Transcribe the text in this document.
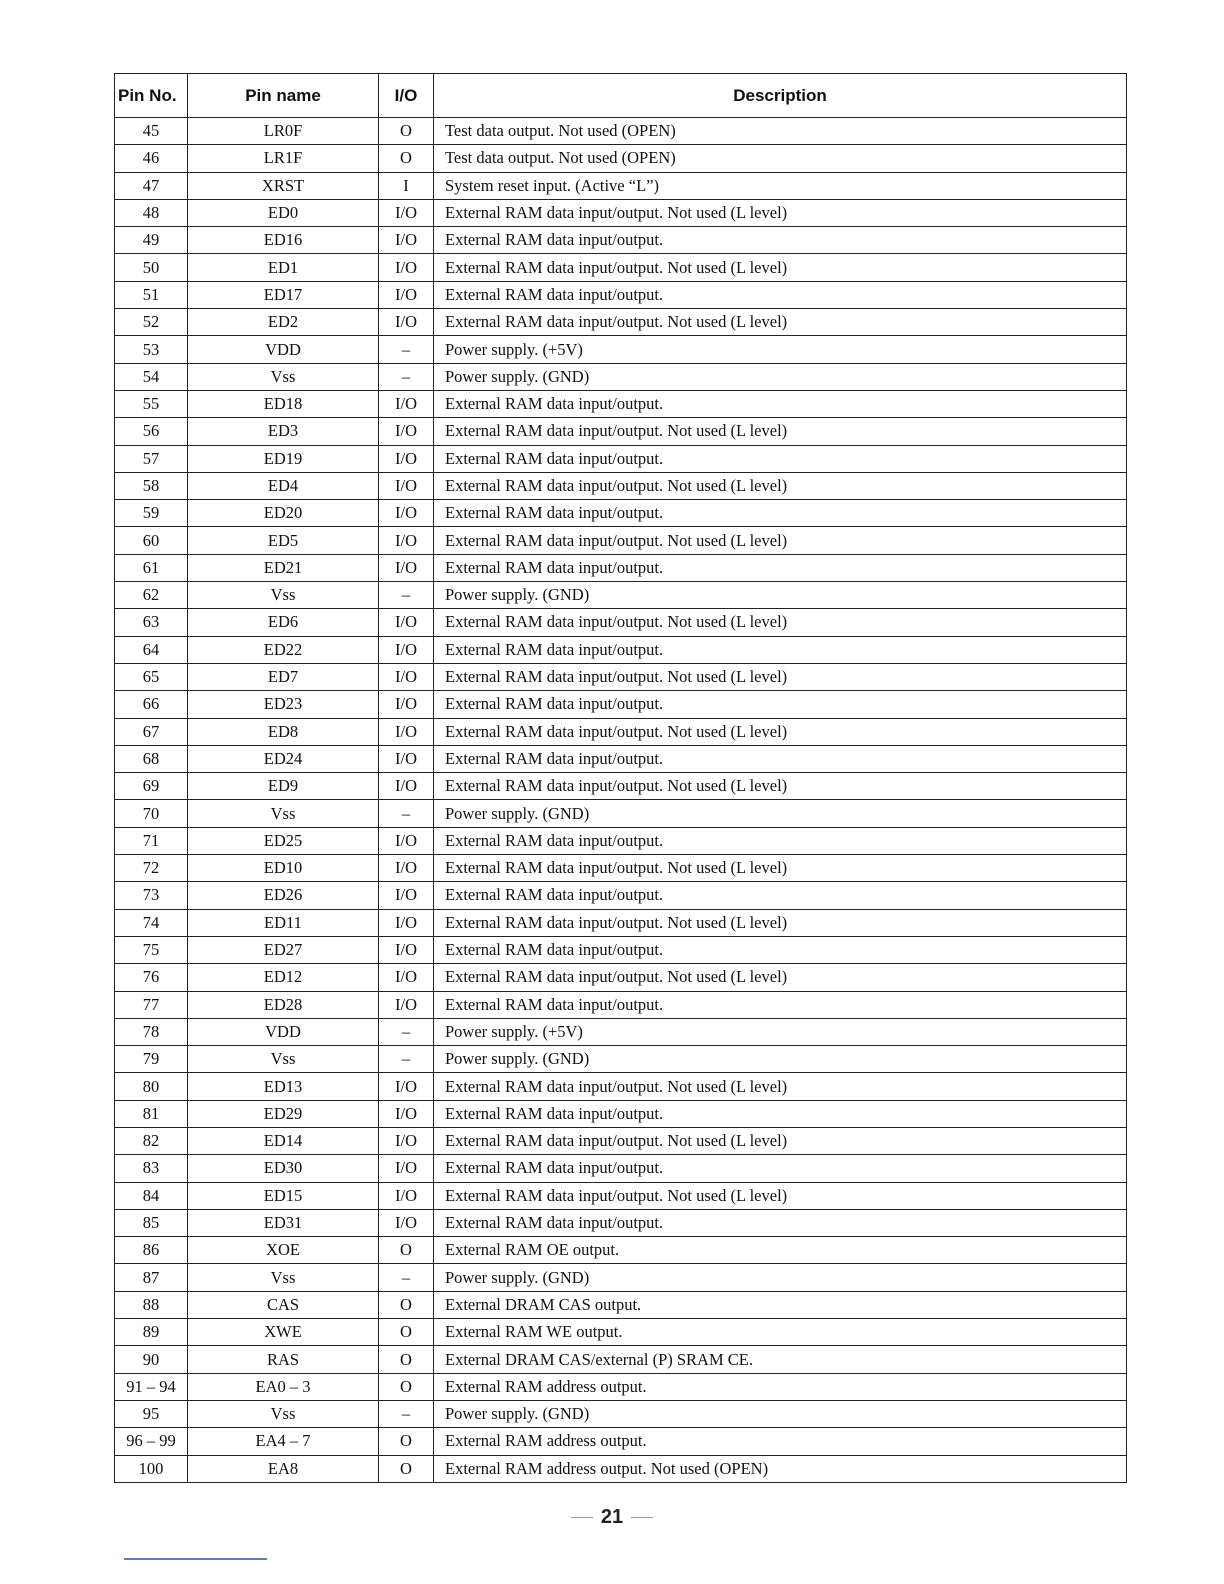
Pin No.	Pin name	I/O	Description
45	LR0F	O	Test data output. Not used (OPEN)
46	LR1F	O	Test data output. Not used (OPEN)
47	XRST	I	System reset input. (Active “L”)
48	ED0	I/O	External RAM data input/output. Not used (L level)
49	ED16	I/O	External RAM data input/output.
50	ED1	I/O	External RAM data input/output. Not used (L level)
51	ED17	I/O	External RAM data input/output.
52	ED2	I/O	External RAM data input/output. Not used (L level)
53	VDD	–	Power supply. (+5V)
54	Vss	–	Power supply. (GND)
55	ED18	I/O	External RAM data input/output.
56	ED3	I/O	External RAM data input/output. Not used (L level)
57	ED19	I/O	External RAM data input/output.
58	ED4	I/O	External RAM data input/output. Not used (L level)
59	ED20	I/O	External RAM data input/output.
60	ED5	I/O	External RAM data input/output. Not used (L level)
61	ED21	I/O	External RAM data input/output.
62	Vss	–	Power supply. (GND)
63	ED6	I/O	External RAM data input/output. Not used (L level)
64	ED22	I/O	External RAM data input/output.
65	ED7	I/O	External RAM data input/output. Not used (L level)
66	ED23	I/O	External RAM data input/output.
67	ED8	I/O	External RAM data input/output. Not used (L level)
68	ED24	I/O	External RAM data input/output.
69	ED9	I/O	External RAM data input/output. Not used (L level)
70	Vss	–	Power supply. (GND)
71	ED25	I/O	External RAM data input/output.
72	ED10	I/O	External RAM data input/output. Not used (L level)
73	ED26	I/O	External RAM data input/output.
74	ED11	I/O	External RAM data input/output. Not used (L level)
75	ED27	I/O	External RAM data input/output.
76	ED12	I/O	External RAM data input/output. Not used (L level)
77	ED28	I/O	External RAM data input/output.
78	VDD	–	Power supply. (+5V)
79	Vss	–	Power supply. (GND)
80	ED13	I/O	External RAM data input/output. Not used (L level)
81	ED29	I/O	External RAM data input/output.
82	ED14	I/O	External RAM data input/output. Not used (L level)
83	ED30	I/O	External RAM data input/output.
84	ED15	I/O	External RAM data input/output. Not used (L level)
85	ED31	I/O	External RAM data input/output.
86	XOE	O	External RAM OE output.
87	Vss	–	Power supply. (GND)
88	CAS	O	External DRAM CAS output.
89	XWE	O	External RAM WE output.
90	RAS	O	External DRAM CAS/external (P) SRAM CE.
91 – 94	EA0 – 3	O	External RAM address output.
95	Vss	–	Power supply. (GND)
96 – 99	EA4 – 7	O	External RAM address output.
100	EA8	O	External RAM address output. Not used (OPEN)
21
